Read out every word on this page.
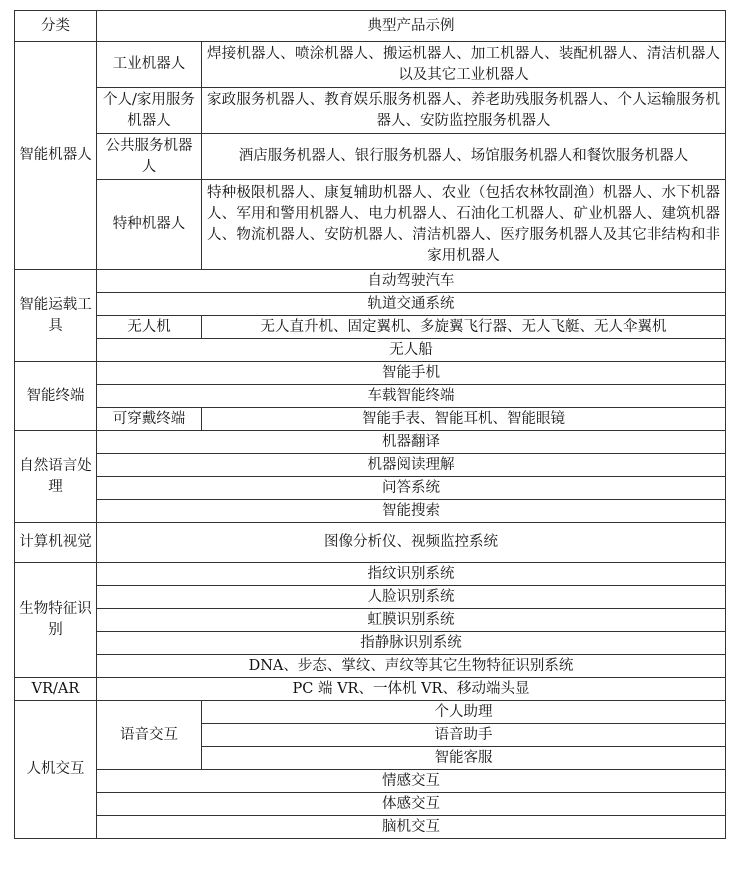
分类	典型产品示例	
智能机器人	工业机器人	焊接机器人、喷涂机器人、搬运机器人、加工机器人、装配机器人、清洁机器人以及其它工业机器人
	个人/家用服务机器人	家政服务机器人、教育娱乐服务机器人、养老助残服务机器人、个人运输服务机器人、安防监控服务机器人
	公共服务机器人	酒店服务机器人、银行服务机器人、场馆服务机器人和餐饮服务机器人
	特种机器人	特种极限机器人、康复辅助机器人、农业（包括农林牧副渔）机器人、水下机器人、军用和警用机器人、电力机器人、石油化工机器人、矿业机器人、建筑机器人、物流机器人、安防机器人、清洁机器人、医疗服务机器人及其它非结构和非家用机器人
智能运载工具	自动驾驶汽车	
	轨道交通系统	
	无人机	无人直升机、固定翼机、多旋翼飞行器、无人飞艇、无人伞翼机
	无人船	
智能终端	智能手机	
	车载智能终端	
	可穿戴终端	智能手表、智能耳机、智能眼镜
自然语言处理	机器翻译	
	机器阅读理解	
	问答系统	
	智能搜索	
计算机视觉	图像分析仪、视频监控系统	
生物特征识别	指纹识别系统	
	人脸识别系统	
	虹膜识别系统	
	指静脉识别系统	
	DNA、步态、掌纹、声纹等其它生物特征识别系统	
VR/AR	PC 端 VR、一体机 VR、移动端头显	
人机交互	语音交互	个人助理
		语音助手
		智能客服
	情感交互	
	体感交互	
	脑机交互	
